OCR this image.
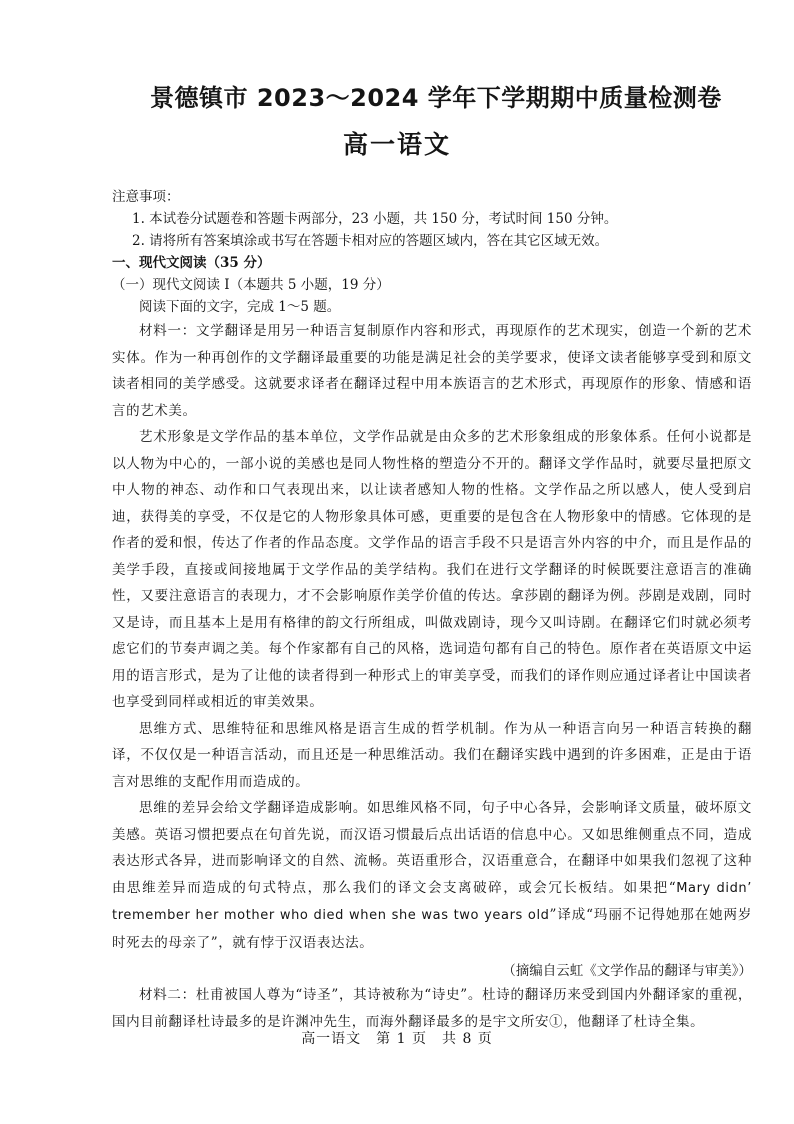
景德镇市 2023～2024 学年下学期期中质量检测卷
高一语文

注意事项：

1. 本试卷分试题卷和答题卡两部分，23 小题，共 150 分，考试时间 150 分钟。

2. 请将所有答案填涂或书写在答题卡相对应的答题区域内，答在其它区域无效。

一、现代文阅读（35 分）

（一）现代文阅读 I（本题共 5 小题，19 分）

阅读下面的文字，完成 1～5 题。

材料一：文学翻译是用另一种语言复制原作内容和形式，再现原作的艺术现实，创造一个新的艺术实体。作为一种再创作的文学翻译最重要的功能是满足社会的美学要求，使译文读者能够享受到和原文读者相同的美学感受。这就要求译者在翻译过程中用本族语言的艺术形式，再现原作的形象、情感和语言的艺术美。

艺术形象是文学作品的基本单位，文学作品就是由众多的艺术形象组成的形象体系。任何小说都是以人物为中心的，一部小说的美感也是同人物性格的塑造分不开的。翻译文学作品时，就要尽量把原文中人物的神态、动作和口气表现出来，以让读者感知人物的性格。文学作品之所以感人，使人受到启迪，获得美的享受，不仅是它的人物形象具体可感，更重要的是包含在人物形象中的情感。它体现的是作者的爱和恨，传达了作者的作品态度。文学作品的语言手段不只是语言外内容的中介，而且是作品的美学手段，直接或间接地属于文学作品的美学结构。我们在进行文学翻译的时候既要注意语言的准确性，又要注意语言的表现力，才不会影响原作美学价值的传达。拿莎剧的翻译为例。莎剧是戏剧，同时又是诗，而且基本上是用有格律的韵文行所组成，叫做戏剧诗，现今又叫诗剧。在翻译它们时就必须考虑它们的节奏声调之美。每个作家都有自己的风格，选词造句都有自己的特色。原作者在英语原文中运用的语言形式，是为了让他的读者得到一种形式上的审美享受，而我们的译作则应通过译者让中国读者也享受到同样或相近的审美效果。

思维方式、思维特征和思维风格是语言生成的哲学机制。作为从一种语言向另一种语言转换的翻译，不仅仅是一种语言活动，而且还是一种思维活动。我们在翻译实践中遇到的许多困难，正是由于语言对思维的支配作用而造成的。

思维的差异会给文学翻译造成影响。如思维风格不同，句子中心各异，会影响译文质量，破坏原文美感。英语习惯把要点在句首先说，而汉语习惯最后点出话语的信息中心。又如思维侧重点不同，造成表达形式各异，进而影响译文的自然、流畅。英语重形合，汉语重意合，在翻译中如果我们忽视了这种由思维差异而造成的句式特点，那么我们的译文会支离破碎，或会冗长板结。如果把“Mary didn’ tremember her mother who died when she was two years old”译成“玛丽不记得她那在她两岁时死去的母亲了”，就有悖于汉语表达法。

（摘编自云虹《文学作品的翻译与审美》）

材料二：杜甫被国人尊为“诗圣”，其诗被称为“诗史”。杜诗的翻译历来受到国内外翻译家的重视，国内目前翻译杜诗最多的是许渊冲先生，而海外翻译最多的是宇文所安①，他翻译了杜诗全集。

高一语文　第 1 页　共 8 页
